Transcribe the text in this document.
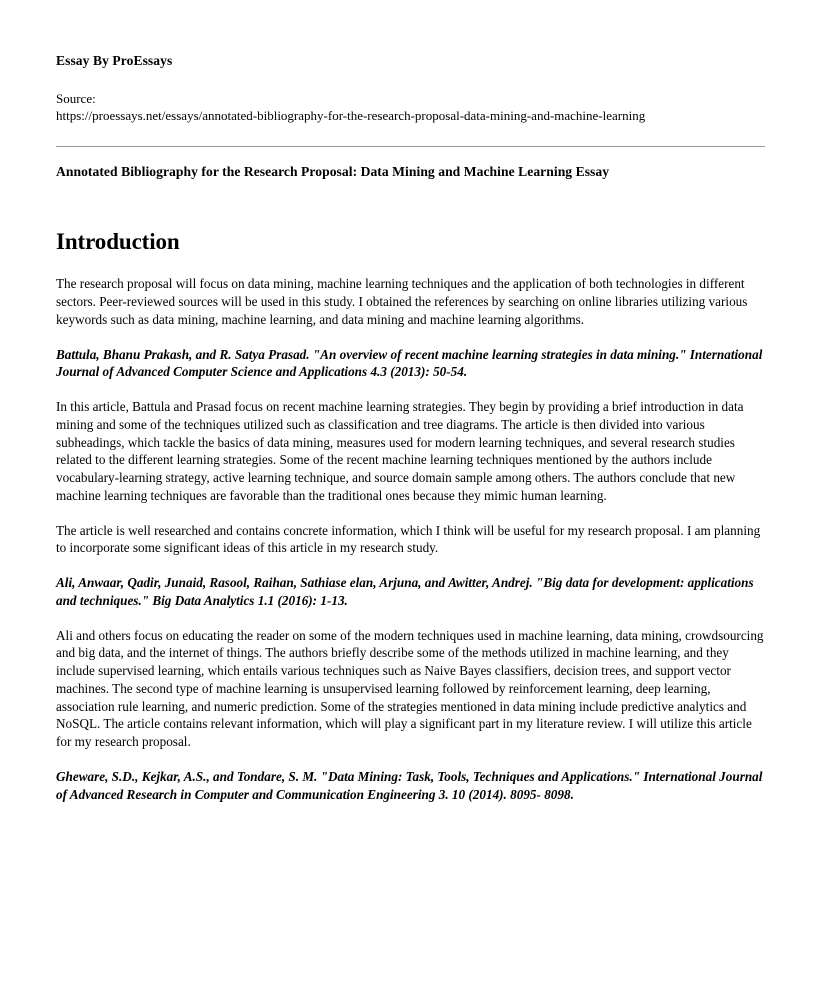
Essay By ProEssays
Source:
https://proessays.net/essays/annotated-bibliography-for-the-research-proposal-data-mining-and-machine-learning
Annotated Bibliography for the Research Proposal: Data Mining and Machine Learning Essay
Introduction

The research proposal will focus on data mining, machine learning techniques and the application of both technologies in different sectors. Peer-reviewed sources will be used in this study. I obtained the references by searching on online libraries utilizing various keywords such as data mining, machine learning, and data mining and machine learning algorithms.

Battula, Bhanu Prakash, and R. Satya Prasad. "An overview of recent machine learning strategies in data mining." International Journal of Advanced Computer Science and Applications 4.3 (2013): 50-54.

In this article, Battula and Prasad focus on recent machine learning strategies. They begin by providing a brief introduction in data mining and some of the techniques utilized such as classification and tree diagrams. The article is then divided into various subheadings, which tackle the basics of data mining, measures used for modern learning techniques, and several research studies related to the different learning strategies. Some of the recent machine learning techniques mentioned by the authors include vocabulary-learning strategy, active learning technique, and source domain sample among others. The authors conclude that new machine learning techniques are favorable than the traditional ones because they mimic human learning.

The article is well researched and contains concrete information, which I think will be useful for my research proposal. I am planning to incorporate some significant ideas of this article in my research study.

Ali, Anwaar, Qadir, Junaid, Rasool, Raihan, Sathiase elan, Arjuna, and Awitter, Andrej. "Big data for development: applications and techniques." Big Data Analytics 1.1 (2016): 1-13.

Ali and others focus on educating the reader on some of the modern techniques used in machine learning, data mining, crowdsourcing and big data, and the internet of things. The authors briefly describe some of the methods utilized in machine learning, and they include supervised learning, which entails various techniques such as Naive Bayes classifiers, decision trees, and support vector machines. The second type of machine learning is unsupervised learning followed by reinforcement learning, deep learning, association rule learning, and numeric prediction. Some of the strategies mentioned in data mining include predictive analytics and NoSQL. The article contains relevant information, which will play a significant part in my literature review. I will utilize this article for my research proposal.

Gheware, S.D., Kejkar, A.S., and Tondare, S. M. "Data Mining: Task, Tools, Techniques and Applications." International Journal of Advanced Research in Computer and Communication Engineering 3. 10 (2014). 8095- 8098.
